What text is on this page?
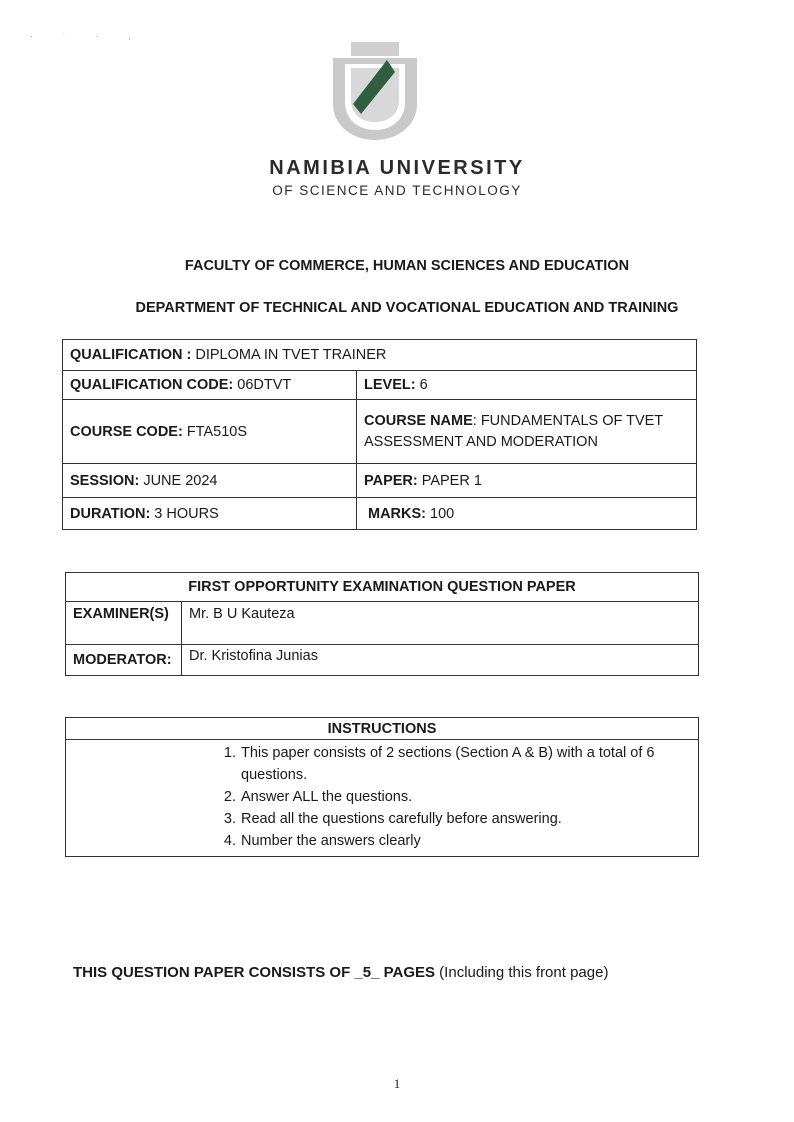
· ˙ · ,
NAMIBIA UNIVERSITY
OF SCIENCE AND TECHNOLOGY
FACULTY OF COMMERCE, HUMAN SCIENCES AND EDUCATION
DEPARTMENT OF TECHNICAL AND VOCATIONAL EDUCATION AND TRAINING
QUALIFICATION : DIPLOMA IN TVET TRAINER	
QUALIFICATION CODE: 06DTVT	LEVEL: 6
COURSE CODE: FTA510S	COURSE NAME: FUNDAMENTALS OF TVET ASSESSMENT AND MODERATION
SESSION: JUNE 2024	PAPER: PAPER 1
DURATION: 3 HOURS	MARKS: 100
FIRST OPPORTUNITY EXAMINATION QUESTION PAPER	
EXAMINER(S)	Mr. B U Kauteza
MODERATOR:	Dr. Kristofina Junias
INSTRUCTIONS

1. This paper consists of 2 sections (Section A & B) with a total of 6 questions.
2. Answer ALL the questions.
3. Read all the questions carefully before answering.
4. Number the answers clearly
THIS QUESTION PAPER CONSISTS OF _5_ PAGES (Including this front page)
1
